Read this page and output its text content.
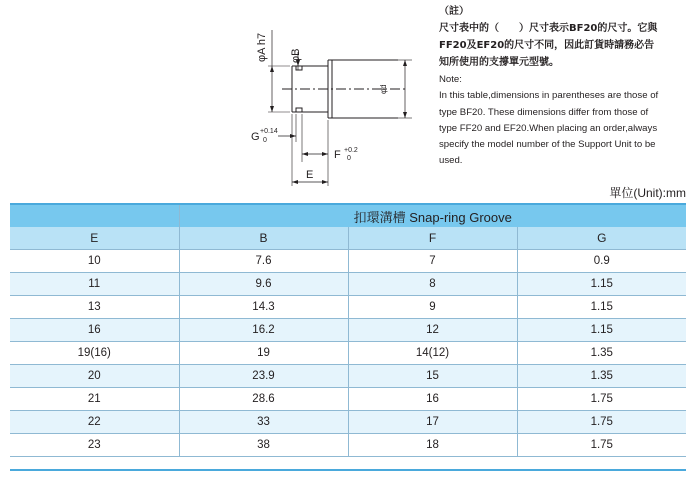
φA h7 φB
φd
G +0.14
0
F +0.2
0
E
（註）
尺寸表中的（　　）尺寸表示BF20的尺寸。它與
FF20及EF20的尺寸不同，因此訂貨時請務必告
知所使用的支撐單元型號。
Note:
In this table,dimensions in parentheses are those of
type BF20. These dimensions differ from those of
type FF20 and EF20.When placing an order,always
specify the model number of the Support Unit to be
used.
單位(Unit):mm
	扣環溝槽 Snap-ring Groove		
E	B	F	G
10	7.6	7	0.9
11	9.6	8	1.15
13	14.3	9	1.15
16	16.2	12	1.15
19(16)	19	14(12)	1.35
20	23.9	15	1.35
21	28.6	16	1.75
22	33	17	1.75
23	38	18	1.75
